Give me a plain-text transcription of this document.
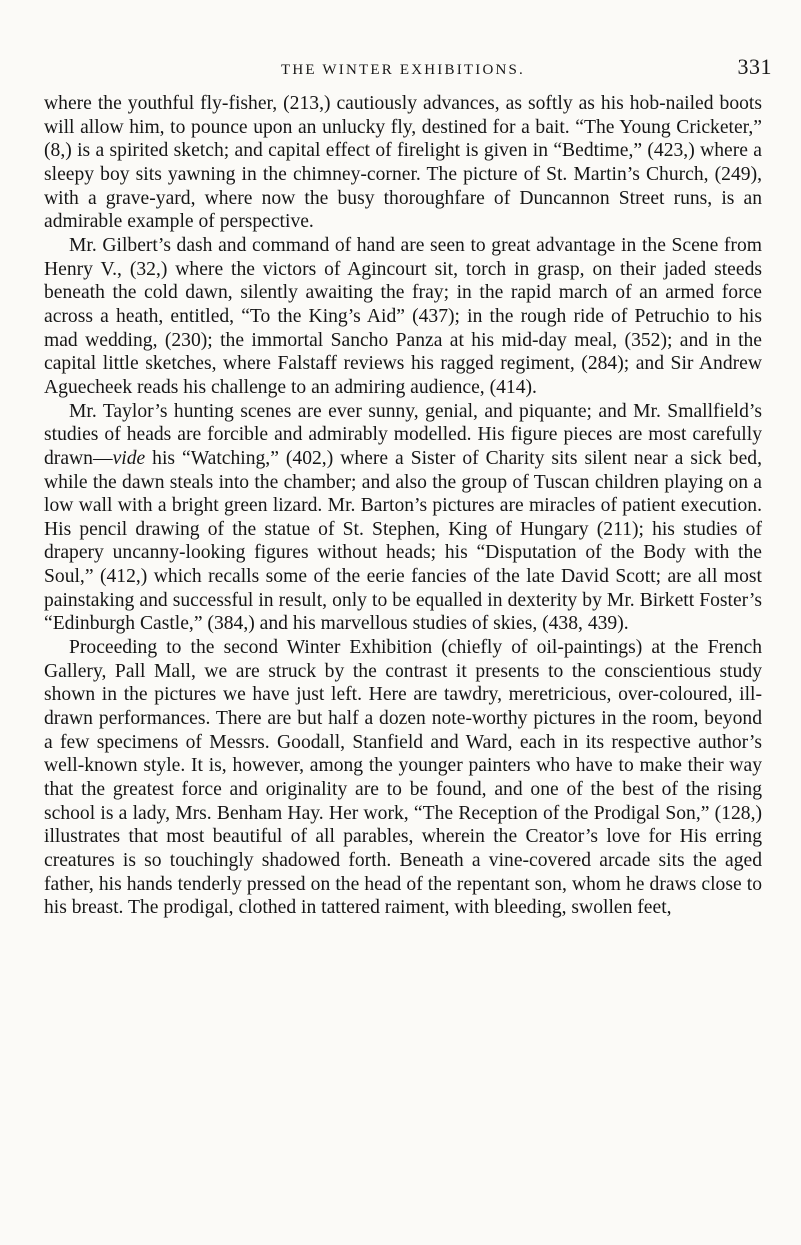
THE WINTER EXHIBITIONS.	331

where the youthful fly-fisher, (213,) cautiously advances, as softly as his hob-nailed boots will allow him, to pounce upon an unlucky fly, destined for a bait. “The Young Cricketer,” (8,) is a spirited sketch; and capital effect of firelight is given in “Bedtime,” (423,) where a sleepy boy sits yawning in the chimney-corner. The picture of St. Martin’s Church, (249), with a grave-yard, where now the busy thoroughfare of Duncannon Street runs, is an admirable example of perspective.

Mr. Gilbert’s dash and command of hand are seen to great advantage in the Scene from Henry V., (32,) where the victors of Agincourt sit, torch in grasp, on their jaded steeds beneath the cold dawn, silently awaiting the fray; in the rapid march of an armed force across a heath, entitled, “To the King’s Aid” (437); in the rough ride of Petruchio to his mad wedding, (230); the immortal Sancho Panza at his mid-day meal, (352); and in the capital little sketches, where Falstaff reviews his ragged regiment, (284); and Sir Andrew Aguecheek reads his challenge to an admiring audience, (414).

Mr. Taylor’s hunting scenes are ever sunny, genial, and piquante; and Mr. Smallfield’s studies of heads are forcible and admirably modelled. His figure pieces are most carefully drawn—vide his “Watching,” (402,) where a Sister of Charity sits silent near a sick bed, while the dawn steals into the chamber; and also the group of Tuscan children playing on a low wall with a bright green lizard. Mr. Barton’s pictures are miracles of patient execution. His pencil drawing of the statue of St. Stephen, King of Hungary (211); his studies of drapery uncanny-looking figures without heads; his “Disputation of the Body with the Soul,” (412,) which recalls some of the eerie fancies of the late David Scott; are all most painstaking and successful in result, only to be equalled in dexterity by Mr. Birkett Foster’s “Edinburgh Castle,” (384,) and his marvellous studies of skies, (438, 439).

Proceeding to the second Winter Exhibition (chiefly of oil-paintings) at the French Gallery, Pall Mall, we are struck by the contrast it presents to the conscientious study shown in the pictures we have just left. Here are tawdry, meretricious, over-coloured, ill-drawn performances. There are but half a dozen note-worthy pictures in the room, beyond a few specimens of Messrs. Goodall, Stanfield and Ward, each in its respective author’s well-known style. It is, however, among the younger painters who have to make their way that the greatest force and originality are to be found, and one of the best of the rising school is a lady, Mrs. Benham Hay. Her work, “The Reception of the Prodigal Son,” (128,) illustrates that most beautiful of all parables, wherein the Creator’s love for His erring creatures is so touchingly shadowed forth. Beneath a vine-covered arcade sits the aged father, his hands tenderly pressed on the head of the repentant son, whom he draws close to his breast. The prodigal, clothed in tattered raiment, with bleeding, swollen feet,
